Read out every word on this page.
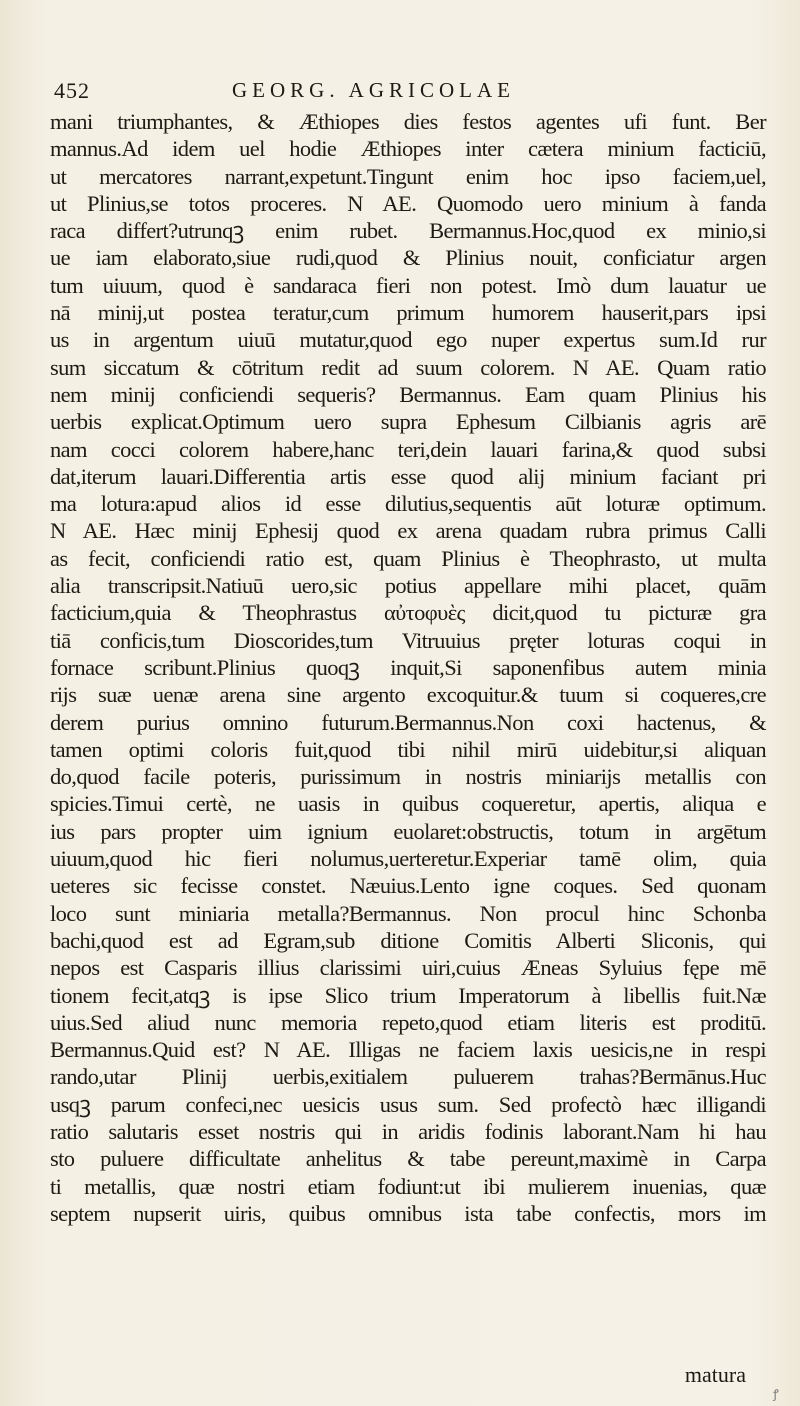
452	GEORG. AGRICOLAE
mani triumphantes, & Æthiopes dies festos agentes ufi funt. Ber
mannus.Ad idem uel hodie Æthiopes inter cætera minium facticiū,
ut mercatores narrant,expetunt.Tingunt enim hoc ipso faciem,uel,
ut Plinius,se totos proceres. N AE. Quomodo uero minium à fanda
raca differt?utrunqꝫ enim rubet. Bermannus.Hoc,quod ex minio,si
ue iam elaborato,siue rudi,quod & Plinius nouit, conficiatur argen
tum uiuum, quod è sandaraca fieri non potest. Imò dum lauatur ue
nā minij,ut postea teratur,cum primum humorem hauserit,pars ipsi
us in argentum uiuū mutatur,quod ego nuper expertus sum.Id rur
sum siccatum & cōtritum redit ad suum colorem. N AE. Quam ratio
nem minij conficiendi sequeris? Bermannus. Eam quam Plinius his
uerbis explicat.Optimum uero supra Ephesum Cilbianis agris arē
nam cocci colorem habere,hanc teri,dein lauari farina,& quod subsi
dat,iterum lauari.Differentia artis esse quod alij minium faciant pri
ma lotura:apud alios id esse dilutius,sequentis aūt loturæ optimum.
N AE. Hæc minij Ephesij quod ex arena quadam rubra primus Calli
as fecit, conficiendi ratio est, quam Plinius è Theophrasto, ut multa
alia transcripsit.Natiuū uero,sic potius appellare mihi placet, quām
facticium,quia & Theophrastus αὐτοφυὲς dicit,quod tu picturæ gra
tiā conficis,tum Dioscorides,tum Vitruuius pręter loturas coqui in
fornace scribunt.Plinius quoqꝫ inquit,Si saponenfibus autem minia
rijs suæ uenæ arena sine argento excoquitur.& tuum si coqueres,cre
derem purius omnino futurum.Bermannus.Non coxi hactenus, &
tamen optimi coloris fuit,quod tibi nihil mirū uidebitur,si aliquan
do,quod facile poteris, purissimum in nostris miniarijs metallis con
spicies.Timui certè, ne uasis in quibus coqueretur, apertis, aliqua e
ius pars propter uim ignium euolaret:obstructis, totum in argētum
uiuum,quod hic fieri nolumus,uerteretur.Experiar tamē olim, quia
ueteres sic fecisse constet. Næuius.Lento igne coques. Sed quonam
loco sunt miniaria metalla?Bermannus. Non procul hinc Schonba
bachi,quod est ad Egram,sub ditione Comitis Alberti Sliconis, qui
nepos est Casparis illius clarissimi uiri,cuius Æneas Syluius fępe mē
tionem fecit,atqꝫ is ipse Slico trium Imperatorum à libellis fuit.Næ
uius.Sed aliud nunc memoria repeto,quod etiam literis est proditū.
Bermannus.Quid est? N AE. Illigas ne faciem laxis uesicis,ne in respi
rando,utar Plinij uerbis,exitialem puluerem trahas?Bermānus.Huc
usqꝫ parum confeci,nec uesicis usus sum. Sed profectò hæc illigandi
ratio salutaris esset nostris qui in aridis fodinis laborant.Nam hi hau
sto puluere difficultate anhelitus & tabe pereunt,maximè in Carpa
ti metallis, quæ nostri etiam fodiunt:ut ibi mulierem inuenias, quæ
septem nupserit uiris, quibus omnibus ista tabe confectis, mors im
matura
ꝭ
